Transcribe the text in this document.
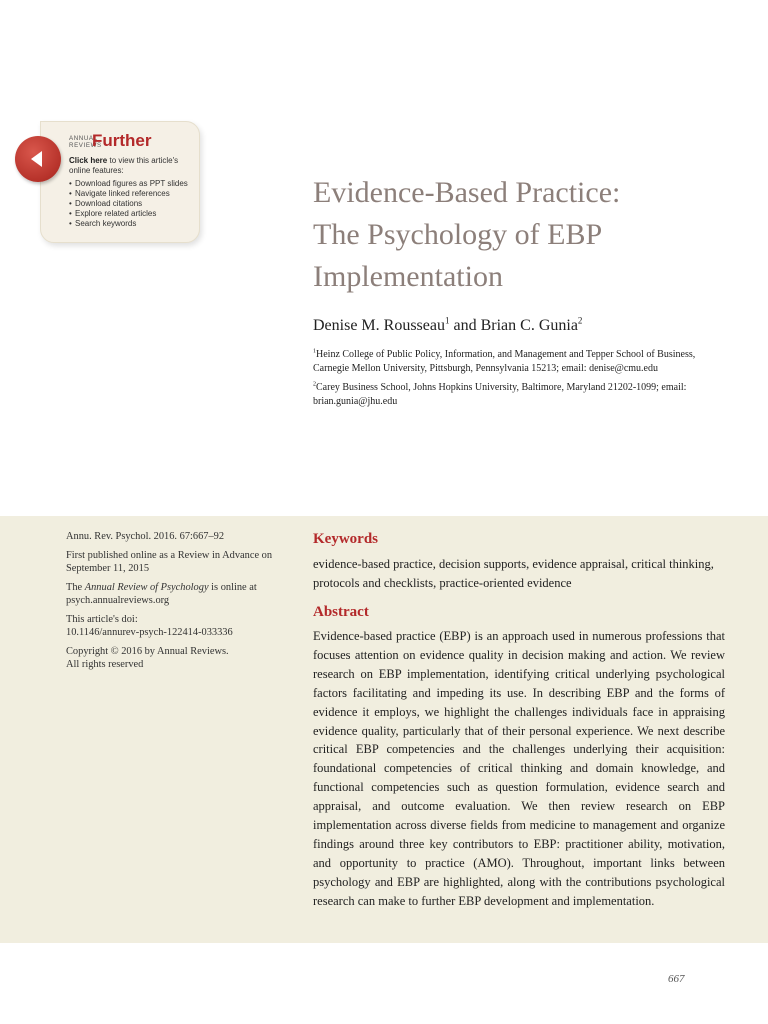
ANNUAL REVIEWS
Further
Click here to view this article's online features:
• Download figures as PPT slides
• Navigate linked references
• Download citations
• Explore related articles
• Search keywords
Evidence-Based Practice:
The Psychology of EBP
Implementation
Denise M. Rousseau$^1$ and Brian C. Gunia$^2$
$^1$Heinz College of Public Policy, Information, and Management and Tepper School of Business, Carnegie Mellon University, Pittsburgh, Pennsylvania 15213; email: denise@cmu.edu
$^2$Carey Business School, Johns Hopkins University, Baltimore, Maryland 21202-1099; email: brian.gunia@jhu.edu

Annu. Rev. Psychol. 2016. 67:667–92

First published online as a Review in Advance on September 11, 2015

The Annual Review of Psychology is online at psych.annualreviews.org

This article's doi:
10.1146/annurev-psych-122414-033336

Copyright © 2016 by Annual Reviews.
All rights reserved

Keywords

evidence-based practice, decision supports, evidence appraisal, critical thinking, protocols and checklists, practice-oriented evidence

Abstract

Evidence-based practice (EBP) is an approach used in numerous professions that focuses attention on evidence quality in decision making and action. We review research on EBP implementation, identifying critical underlying psychological factors facilitating and impeding its use. In describing EBP and the forms of evidence it employs, we highlight the challenges individuals face in appraising evidence quality, particularly that of their personal experience. We next describe critical EBP competencies and the challenges underlying their acquisition: foundational competencies of critical thinking and domain knowledge, and functional competencies such as question formulation, evidence search and appraisal, and outcome evaluation. We then review research on EBP implementation across diverse fields from medicine to management and organize findings around three key contributors to EBP: practitioner ability, motivation, and opportunity to practice (AMO). Throughout, important links between psychology and EBP are highlighted, along with the contributions psychological research can make to further EBP development and implementation.

667
